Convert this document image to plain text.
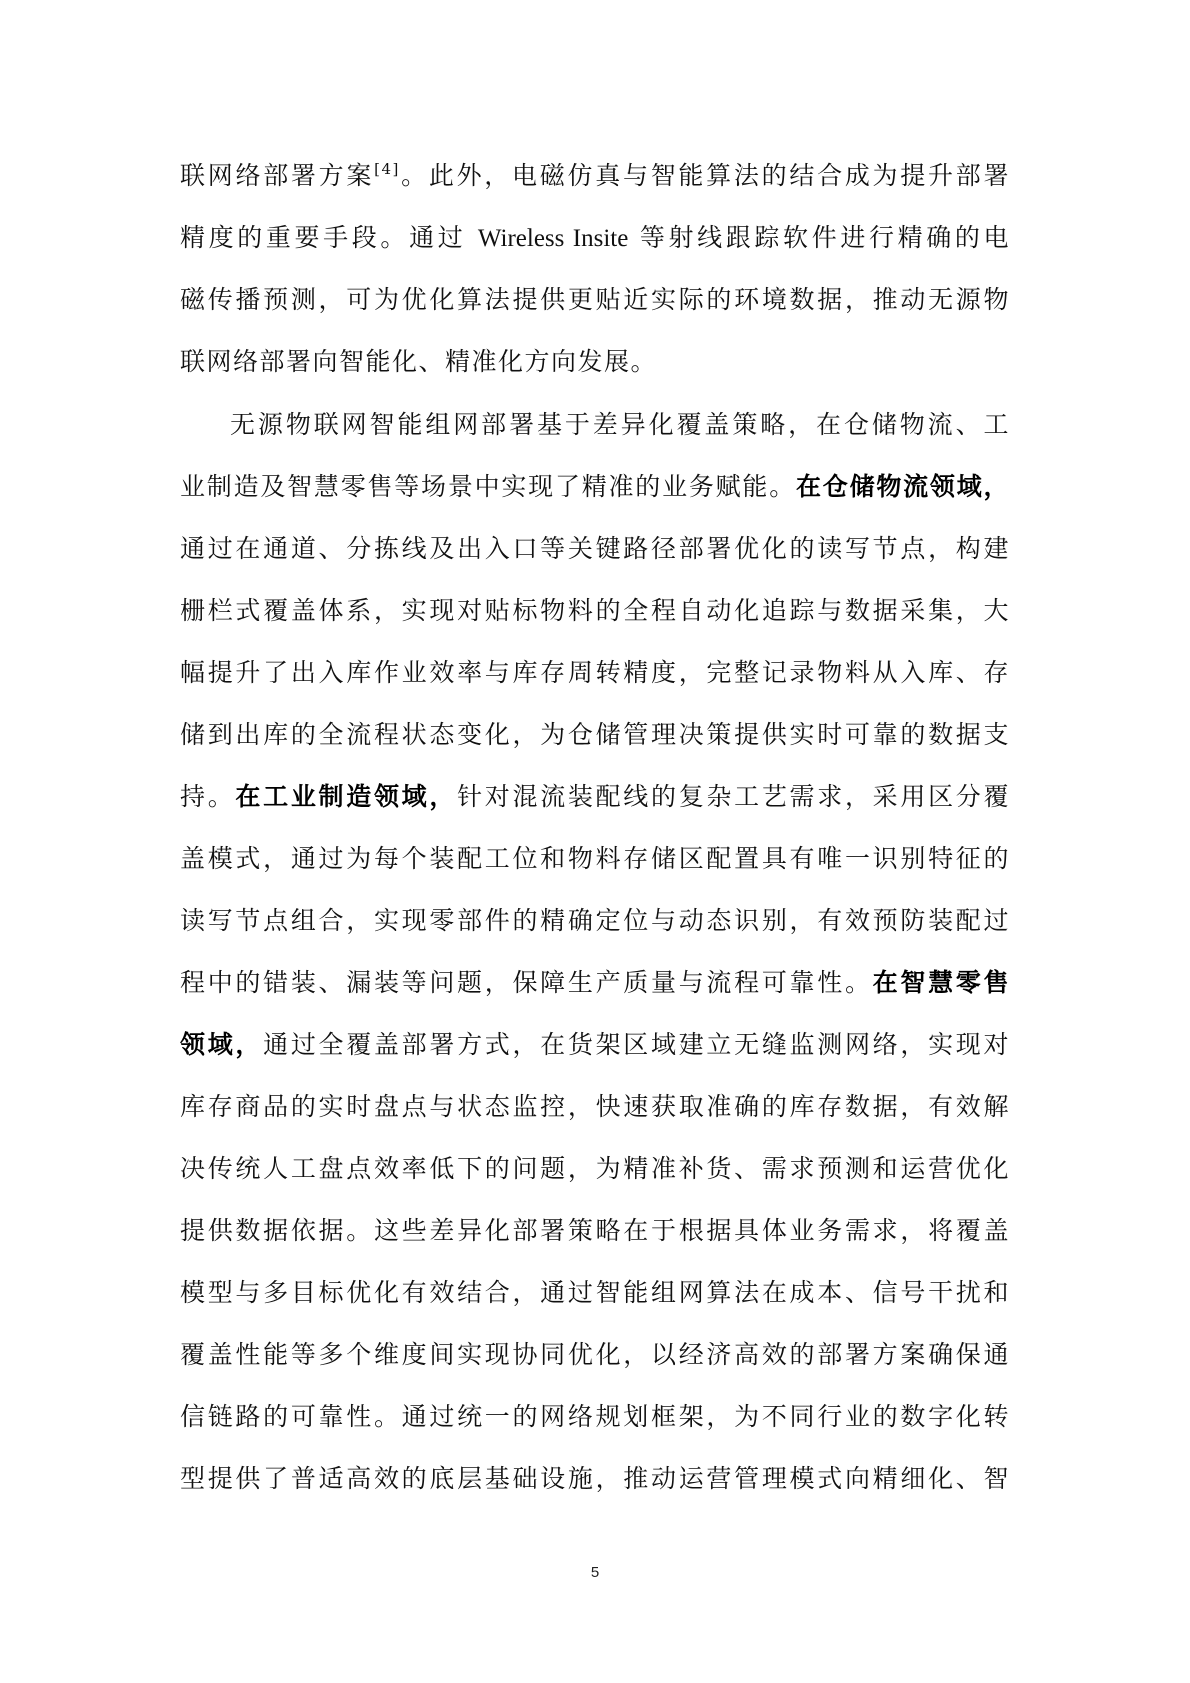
联网络部署方案[4]。此外，电磁仿真与智能算法的结合成为提升部署
精度的重要手段。通过 Wireless Insite 等射线跟踪软件进行精确的电
磁传播预测，可为优化算法提供更贴近实际的环境数据，推动无源物
联网络部署向智能化、精准化方向发展。
无源物联网智能组网部署基于差异化覆盖策略，在仓储物流、工
业制造及智慧零售等场景中实现了精准的业务赋能。在仓储物流领域，
通过在通道、分拣线及出入口等关键路径部署优化的读写节点，构建
栅栏式覆盖体系，实现对贴标物料的全程自动化追踪与数据采集，大
幅提升了出入库作业效率与库存周转精度，完整记录物料从入库、存
储到出库的全流程状态变化，为仓储管理决策提供实时可靠的数据支
持。在工业制造领域，针对混流装配线的复杂工艺需求，采用区分覆
盖模式，通过为每个装配工位和物料存储区配置具有唯一识别特征的
读写节点组合，实现零部件的精确定位与动态识别，有效预防装配过
程中的错装、漏装等问题，保障生产质量与流程可靠性。在智慧零售
领域，通过全覆盖部署方式，在货架区域建立无缝监测网络，实现对
库存商品的实时盘点与状态监控，快速获取准确的库存数据，有效解
决传统人工盘点效率低下的问题，为精准补货、需求预测和运营优化
提供数据依据。这些差异化部署策略在于根据具体业务需求，将覆盖
模型与多目标优化有效结合，通过智能组网算法在成本、信号干扰和
覆盖性能等多个维度间实现协同优化，以经济高效的部署方案确保通
信链路的可靠性。通过统一的网络规划框架，为不同行业的数字化转
型提供了普适高效的底层基础设施，推动运营管理模式向精细化、智
5
